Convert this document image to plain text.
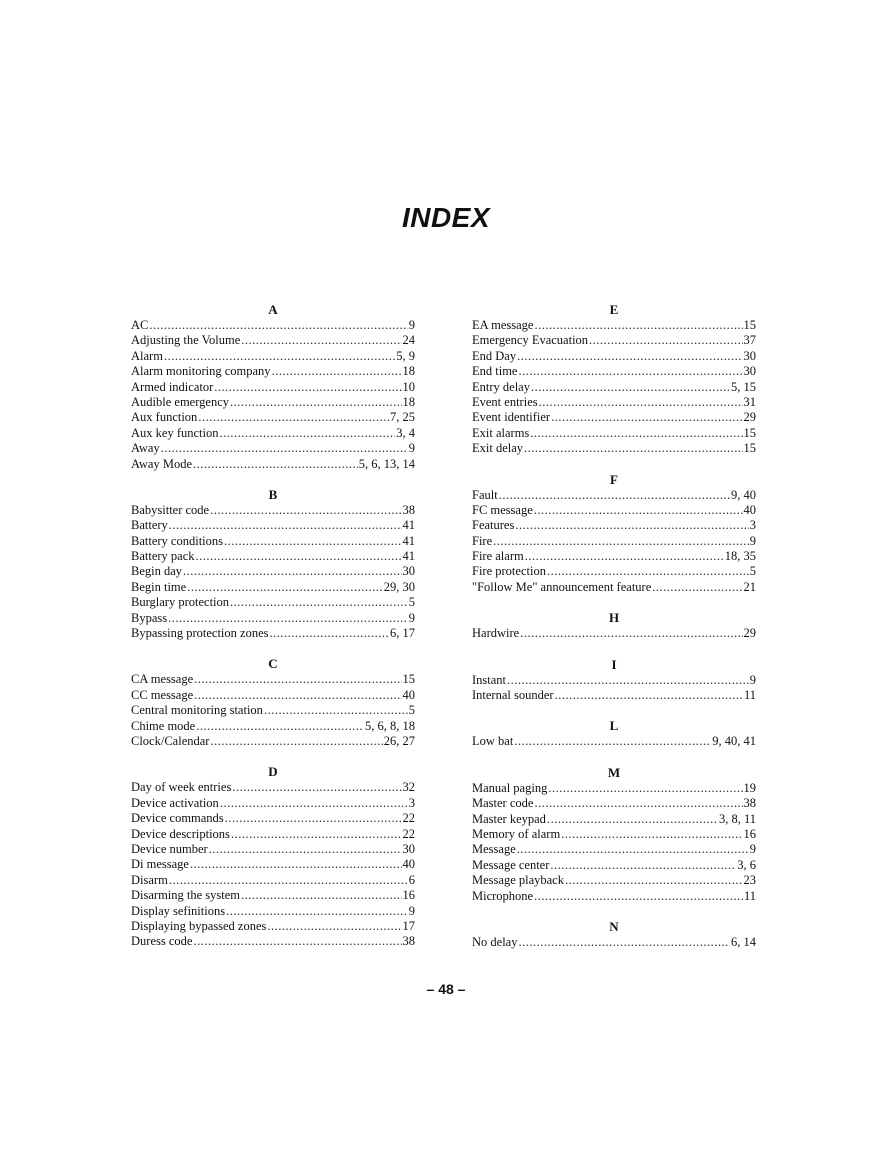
INDEX
A
AC .....	9
Adjusting the Volume .....	24
Alarm .....	5, 9
Alarm monitoring company .....	18
Armed indicator .....	10
Audible emergency .....	18
Aux function .....	7, 25
Aux key function .....	3, 4
Away .....	9
Away Mode .....	5, 6, 13, 14
B
Babysitter code .....	38
Battery .....	41
Battery conditions .....	41
Battery pack .....	41
Begin day .....	30
Begin time .....	29, 30
Burglary protection .....	5
Bypass .....	9
Bypassing protection zones .....	6, 17
C
CA message .....	15
CC message .....	40
Central monitoring station .....	5
Chime mode .....	5, 6, 8, 18
Clock/Calendar .....	26, 27
D
Day of week entries .....	32
Device activation .....	3
Device commands .....	22
Device descriptions .....	22
Device number .....	30
Di message .....	40
Disarm .....	6
Disarming the system .....	16
Display sefinitions .....	9
Displaying bypassed zones .....	17
Duress code .....	38
E
EA message .....	15
Emergency Evacuation .....	37
End Day .....	30
End time .....	30
Entry delay .....	5, 15
Event entries .....	31
Event identifier .....	29
Exit alarms .....	15
Exit delay .....	15
F
Fault .....	9, 40
FC message .....	40
Features .....	3
Fire .....	9
Fire alarm .....	18, 35
Fire protection .....	5
"Follow Me" announcement feature .....	21
H
Hardwire .....	29
I
Instant .....	9
Internal sounder .....	11
L
Low bat .....	9, 40, 41
M
Manual paging .....	19
Master code .....	38
Master keypad .....	3, 8, 11
Memory of alarm .....	16
Message .....	9
Message center .....	3, 6
Message playback .....	23
Microphone .....	11
N
No delay .....	6, 14
– 48 –
